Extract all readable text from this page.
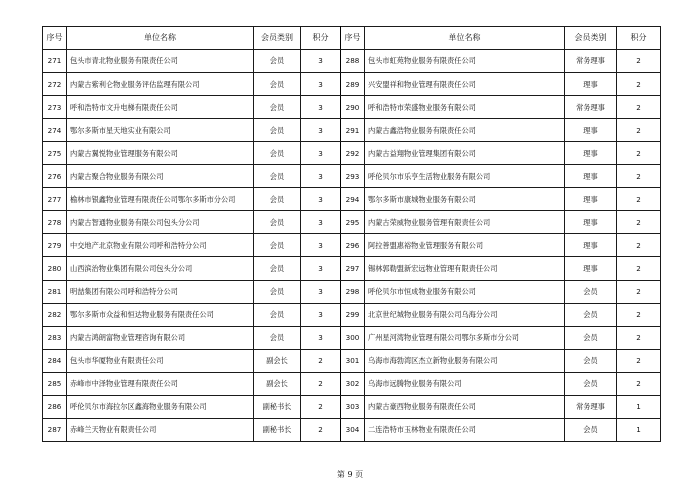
序号	单位名称	会员类别	积分	序号	单位名称	会员类别	积分
271	包头市青北物业服务有限责任公司	会员	3	288	包头市虹苑物业服务有限责任公司	常务理事	2
272	内蒙古紫利仑物业服务评估监理有限公司	会员	3	289	兴安盟祥和物业管理有限责任公司	理事	2
273	呼和浩特市文升电梯有限责任公司	会员	3	290	呼和浩特市荣盛物业服务有限公司	常务理事	2
274	鄂尔多斯市星天地实业有限公司	会员	3	291	内蒙古鑫浩物业服务有限责任公司	理事	2
275	内蒙古翼悦物业管理服务有限公司	会员	3	292	内蒙古益翔物业管理集团有限公司	理事	2
276	内蒙古聚合物业服务有限公司	会员	3	293	呼伦贝尔市乐亨生活物业服务有限公司	理事	2
277	榆林市银鑫物业管理有限责任公司鄂尔多斯市分公司	会员	3	294	鄂尔多斯市康城物业服务有限公司	理事	2
278	内蒙古智通物业服务有限公司包头分公司	会员	3	295	内蒙古荣威物业服务管理有限责任公司	理事	2
279	中交地产北京物业有限公司呼和浩特分公司	会员	3	296	阿拉善盟惠裕物业管理服务有限公司	理事	2
280	山西滨治物业集团有限公司包头分公司	会员	3	297	锡林郭勒盟新宏远物业管理有限责任公司	理事	2
281	明喆集团有限公司呼和浩特分公司	会员	3	298	呼伦贝尔市恒成物业服务有限公司	会员	2
282	鄂尔多斯市众益和恒达物业服务有限责任公司	会员	3	299	北京世纪城物业服务有限公司乌海分公司	会员	2
283	内蒙古鸿朗富物业管理咨询有限公司	会员	3	300	广州星河湾物业管理有限公司鄂尔多斯市分公司	会员	2
284	包头市华厦物业有限责任公司	副会长	2	301	乌海市海勃湾区杰立新物业服务有限公司	会员	2
285	赤峰市中泽物业管理有限责任公司	副会长	2	302	乌海市远腾物业服务有限公司	会员	2
286	呼伦贝尔市海拉尔区鑫海物业服务有限公司	副秘书长	2	303	内蒙古豪西物业服务有限责任公司	常务理事	1
287	赤峰兰天物业有限责任公司	副秘书长	2	304	二连浩特市玉林物业有限责任公司	会员	1
第 9 页
